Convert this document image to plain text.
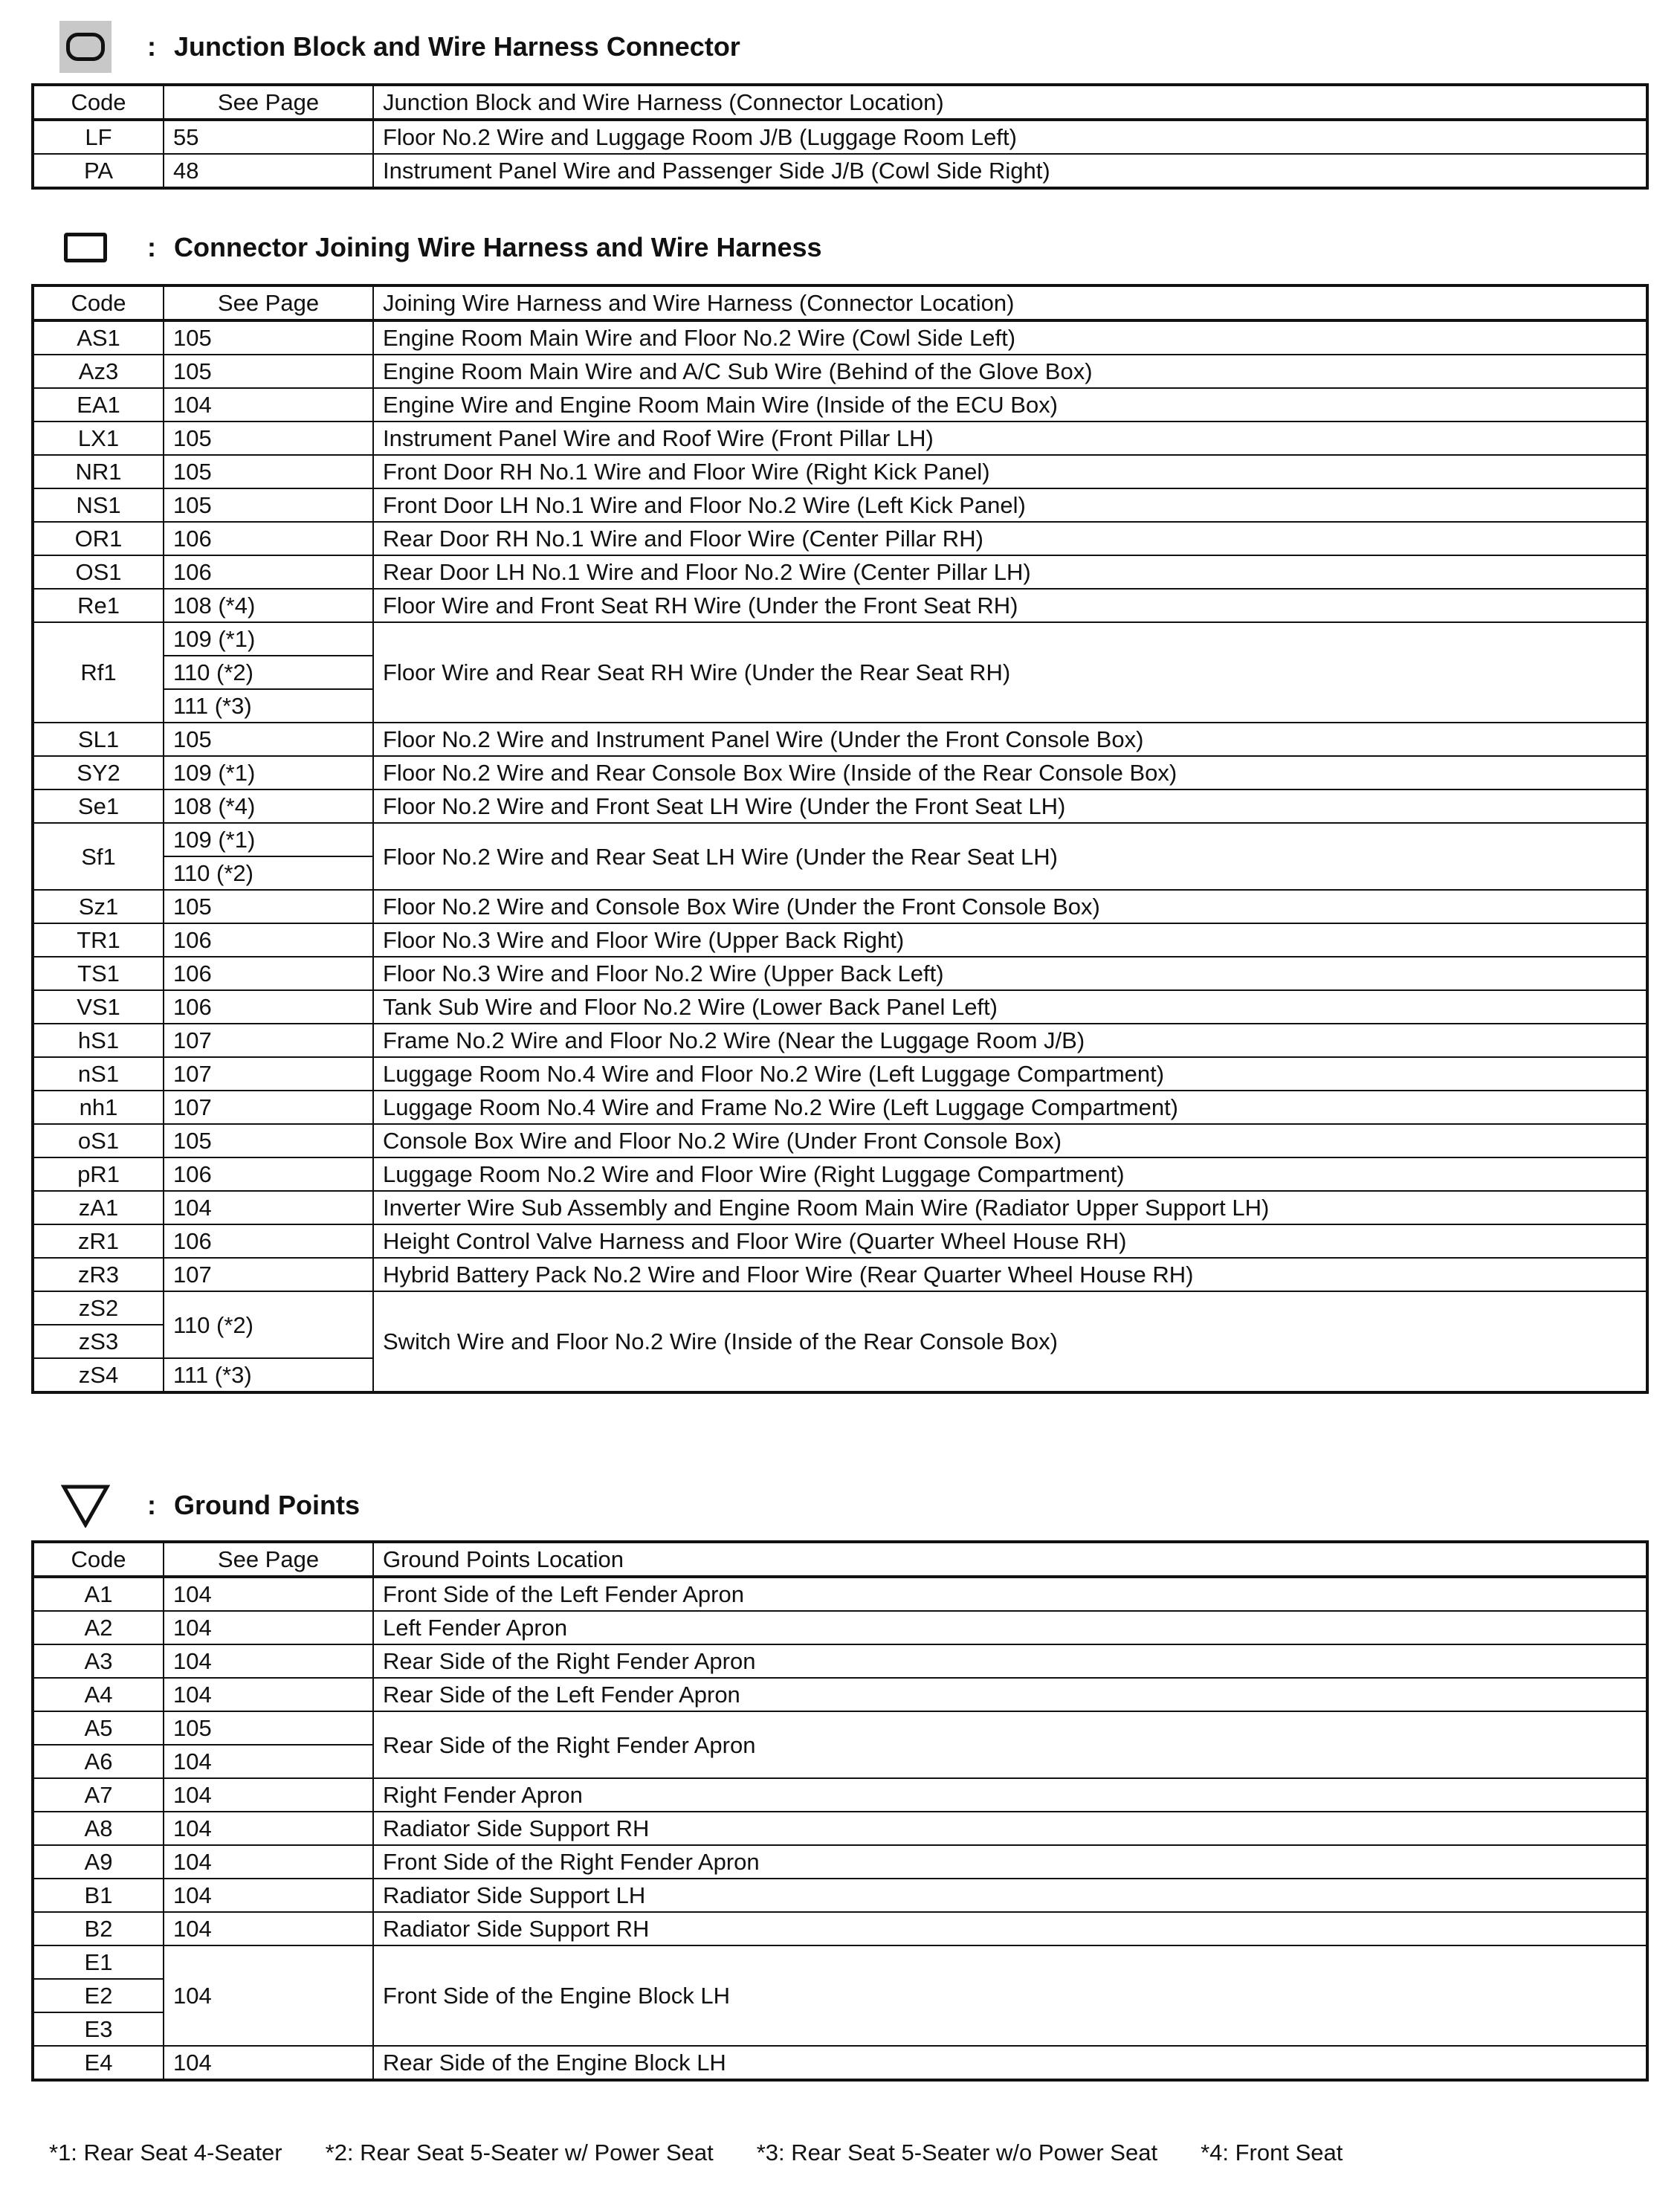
: Junction Block and Wire Harness Connector
Code	See Page	Junction Block and Wire Harness (Connector Location)
LF	55	Floor No.2 Wire and Luggage Room J/B (Luggage Room Left)
PA	48	Instrument Panel Wire and Passenger Side J/B (Cowl Side Right)
: Connector Joining Wire Harness and Wire Harness
Code	See Page	Joining Wire Harness and Wire Harness (Connector Location)
AS1	105	Engine Room Main Wire and Floor No.2 Wire (Cowl Side Left)
Az3	105	Engine Room Main Wire and A/C Sub Wire (Behind of the Glove Box)
EA1	104	Engine Wire and Engine Room Main Wire (Inside of the ECU Box)
LX1	105	Instrument Panel Wire and Roof Wire (Front Pillar LH)
NR1	105	Front Door RH No.1 Wire and Floor Wire (Right Kick Panel)
NS1	105	Front Door LH No.1 Wire and Floor No.2 Wire (Left Kick Panel)
OR1	106	Rear Door RH No.1 Wire and Floor Wire (Center Pillar RH)
OS1	106	Rear Door LH No.1 Wire and Floor No.2 Wire (Center Pillar LH)
Re1	108 (*4)	Floor Wire and Front Seat RH Wire (Under the Front Seat RH)
Rf1	109 (*1)	Floor Wire and Rear Seat RH Wire (Under the Rear Seat RH)
	110 (*2)	
	111 (*3)	
SL1	105	Floor No.2 Wire and Instrument Panel Wire (Under the Front Console Box)
SY2	109 (*1)	Floor No.2 Wire and Rear Console Box Wire (Inside of the Rear Console Box)
Se1	108 (*4)	Floor No.2 Wire and Front Seat LH Wire (Under the Front Seat LH)
Sf1	109 (*1)	Floor No.2 Wire and Rear Seat LH Wire (Under the Rear Seat LH)
	110 (*2)	
Sz1	105	Floor No.2 Wire and Console Box Wire (Under the Front Console Box)
TR1	106	Floor No.3 Wire and Floor Wire (Upper Back Right)
TS1	106	Floor No.3 Wire and Floor No.2 Wire (Upper Back Left)
VS1	106	Tank Sub Wire and Floor No.2 Wire (Lower Back Panel Left)
hS1	107	Frame No.2 Wire and Floor No.2 Wire (Near the Luggage Room J/B)
nS1	107	Luggage Room No.4 Wire and Floor No.2 Wire (Left Luggage Compartment)
nh1	107	Luggage Room No.4 Wire and Frame No.2 Wire (Left Luggage Compartment)
oS1	105	Console Box Wire and Floor No.2 Wire (Under Front Console Box)
pR1	106	Luggage Room No.2 Wire and Floor Wire (Right Luggage Compartment)
zA1	104	Inverter Wire Sub Assembly and Engine Room Main Wire (Radiator Upper Support LH)
zR1	106	Height Control Valve Harness and Floor Wire (Quarter Wheel House RH)
zR3	107	Hybrid Battery Pack No.2 Wire and Floor Wire (Rear Quarter Wheel House RH)
zS2	110 (*2)	Switch Wire and Floor No.2 Wire (Inside of the Rear Console Box)
zS3		
zS4	111 (*3)	
: Ground Points
Code	See Page	Ground Points Location
A1	104	Front Side of the Left Fender Apron
A2	104	Left Fender Apron
A3	104	Rear Side of the Right Fender Apron
A4	104	Rear Side of the Left Fender Apron
A5	105	Rear Side of the Right Fender Apron
A6	104	
A7	104	Right Fender Apron
A8	104	Radiator Side Support RH
A9	104	Front Side of the Right Fender Apron
B1	104	Radiator Side Support LH
B2	104	Radiator Side Support RH
E1	104	Front Side of the Engine Block LH
E2		
E3		
E4	104	Rear Side of the Engine Block LH
*1: Rear Seat 4-Seater *2: Rear Seat 5-Seater w/ Power Seat *3: Rear Seat 5-Seater w/o Power Seat *4: Front Seat
